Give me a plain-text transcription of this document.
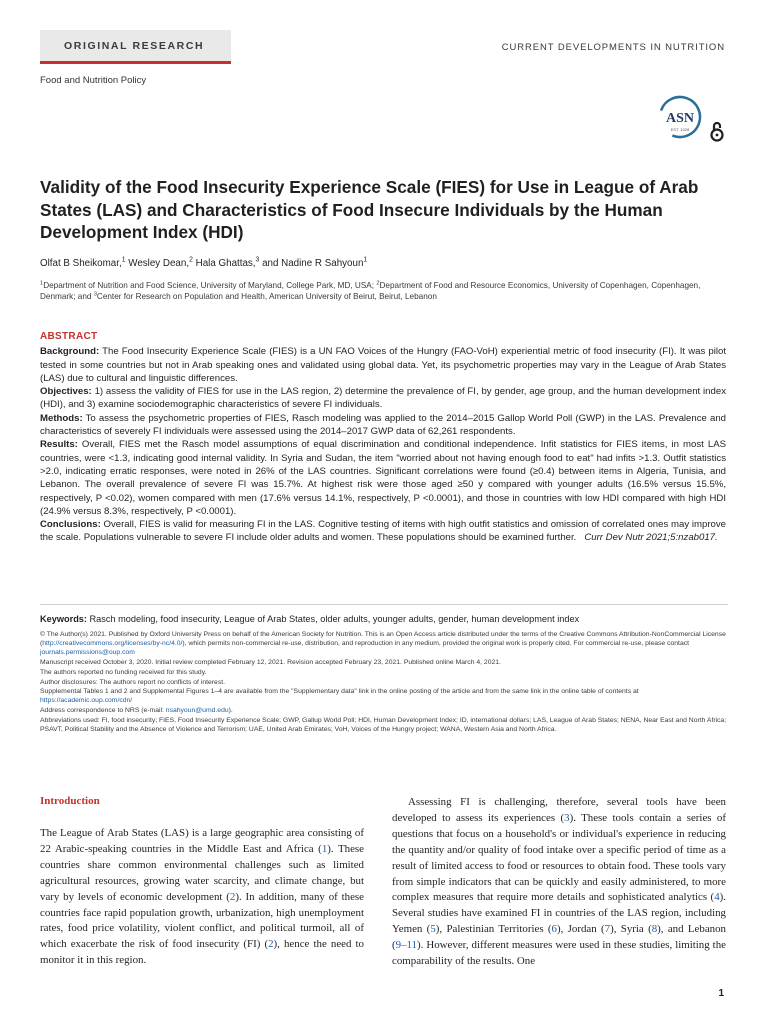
ORIGINAL RESEARCH	CURRENT DEVELOPMENTS IN NUTRITION
Food and Nutrition Policy
ASN
EST. 1928
Validity of the Food Insecurity Experience Scale (FIES) for Use in League of Arab States (LAS) and Characteristics of Food Insecure Individuals by the Human Development Index (HDI)
Olfat B Sheikomar,$^1$ Wesley Dean,$^2$ Hala Ghattas,$^3$ and Nadine R Sahyoun$^1$
$^1$Department of Nutrition and Food Science, University of Maryland, College Park, MD, USA; $^2$Department of Food and Resource Economics, University of Copenhagen, Copenhagen, Denmark; and $^3$Center for Research on Population and Health, American University of Beirut, Beirut, Lebanon
ABSTRACT

Background: The Food Insecurity Experience Scale (FIES) is a UN FAO Voices of the Hungry (FAO-VoH) experiential metric of food insecurity (FI). It was pilot tested in some countries but not in Arab speaking ones and validated using global data. Yet, its psychometric properties may vary in the League of Arab States (LAS) due to cultural and linguistic differences.

Objectives: 1) assess the validity of FIES for use in the LAS region, 2) determine the prevalence of FI, by gender, age group, and the human development index (HDI), and 3) examine sociodemographic characteristics of severe FI individuals.

Methods: To assess the psychometric properties of FIES, Rasch modeling was applied to the 2014–2015 Gallop World Poll (GWP) in the LAS. Prevalence and characteristics of severely FI individuals were assessed using the 2014–2017 GWP data of 62,261 respondents.

Results: Overall, FIES met the Rasch model assumptions of equal discrimination and conditional independence. Infit statistics for FIES items, in most LAS countries, were <1.3, indicating good internal validity. In Syria and Sudan, the item "worried about not having enough food to eat" had infits >1.3. Outfit statistics >2.0, indicating erratic responses, were noted in 26% of the LAS countries. Significant correlations were found (≥0.4) between items in Algeria, Tunisia, and Lebanon. The overall prevalence of severe FI was 15.7%. At highest risk were those aged ≥50 y compared with younger adults (16.5% versus 15.5%, respectively, P <0.02), women compared with men (17.6% versus 14.1%, respectively, P <0.0001), and those in countries with low HDI compared with high HDI (24.9% versus 8.3%, respectively, P <0.0001).

Conclusions: Overall, FIES is valid for measuring FI in the LAS. Cognitive testing of items with high outfit statistics and omission of correlated ones may improve the scale. Populations vulnerable to severe FI include older adults and women. These populations should be examined further. Curr Dev Nutr 2021;5:nzab017.

Keywords: Rasch modeling, food insecurity, League of Arab States, older adults, younger adults, gender, human development index

© The Author(s) 2021. Published by Oxford University Press on behalf of the American Society for Nutrition. This is an Open Access article distributed under the terms of the Creative Commons Attribution-NonCommercial License (http://creativecommons.org/licenses/by-nc/4.0/), which permits non-commercial re-use, distribution, and reproduction in any medium, provided the original work is properly cited. For commercial re-use, please contact journals.permissions@oup.com

Manuscript received October 3, 2020. Initial review completed February 12, 2021. Revision accepted February 23, 2021. Published online March 4, 2021.

The authors reported no funding received for this study.

Author disclosures: The authors report no conflicts of interest.

Supplemental Tables 1 and 2 and Supplemental Figures 1–4 are available from the "Supplementary data" link in the online posting of the article and from the same link in the online table of contents at https://academic.oup.com/cdn/

Address correspondence to NRS (e-mail: nsahyoun@umd.edu).

Abbreviations used: FI, food insecurity; FIES, Food Insecurity Experience Scale; GWP, Gallup World Poll; HDI, Human Development Index; ID, international dollars; LAS, League of Arab States; NENA, Near East and North Africa; PSAVT, Political Stability and the Absence of Violence and Terrorism; UAE, United Arab Emirates; VoH, Voices of the Hungry project; WANA, Western Asia and North Africa.

Introduction

The League of Arab States (LAS) is a large geographic area consisting of 22 Arabic-speaking countries in the Middle East and Africa (1). These countries share common environmental challenges such as limited agricultural resources, growing water scarcity, and climate change, but vary by levels of economic development (2). In addition, many of these countries face rapid population growth, urbanization, high unemployment rates, food price volatility, violent conflict, and political turmoil, all of which exacerbate the risk of food insecurity (FI) (2), hence the need to monitor it in this region.

Assessing FI is challenging, therefore, several tools have been developed to assess its experiences (3). These tools contain a series of questions that focus on a household's or individual's experience in reducing the quantity and/or quality of food intake over a specific period of time as a result of limited access to food or resources to obtain food. These tools vary from simple indicators that can be quickly and easily administered, to more complex measures that require more details and sophisticated analytics (4). Several studies have examined FI in countries of the LAS region, including Yemen (5), Palestinian Territories (6), Jordan (7), Syria (8), and Lebanon (9–11). However, different measures were used in these studies, limiting the comparability of the results. One

1
